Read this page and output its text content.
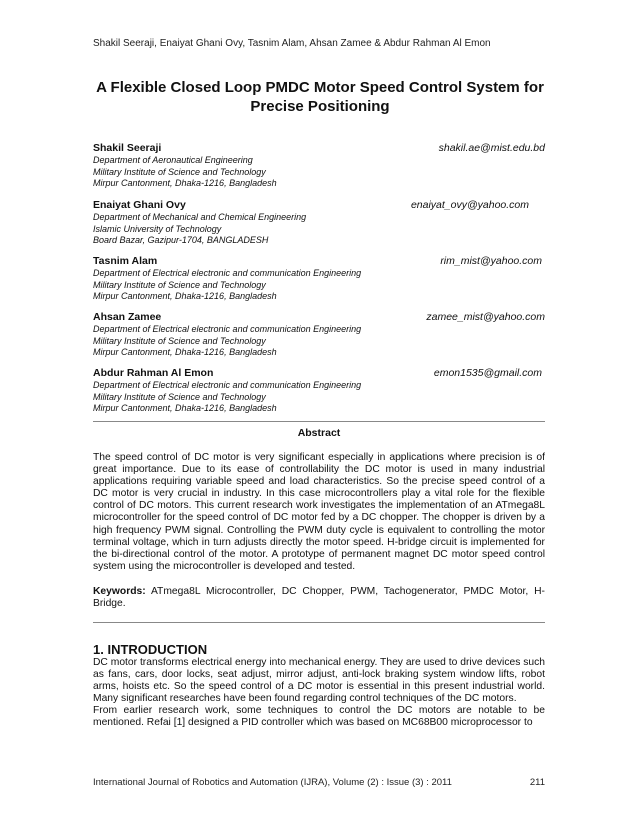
Shakil Seeraji, Enaiyat Ghani Ovy, Tasnim Alam, Ahsan Zamee & Abdur Rahman Al Emon
A Flexible Closed Loop PMDC Motor Speed Control System for
Precise Positioning
Shakil Seeraji	shakil.ae@mist.edu.bd
Department of Aeronautical Engineering
Military Institute of Science and Technology
Mirpur Cantonment, Dhaka-1216, Bangladesh
Enaiyat Ghani Ovy	enaiyat_ovy@yahoo.com
Department of Mechanical and Chemical Engineering
Islamic University of Technology
Board Bazar, Gazipur-1704, BANGLADESH
Tasnim Alam	rim_mist@yahoo.com
Department of Electrical electronic and communication Engineering
Military Institute of Science and Technology
Mirpur Cantonment, Dhaka-1216, Bangladesh
Ahsan Zamee	zamee_mist@yahoo.com
Department of Electrical electronic and communication Engineering
Military Institute of Science and Technology
Mirpur Cantonment, Dhaka-1216, Bangladesh
Abdur Rahman Al Emon	emon1535@gmail.com
Department of Electrical electronic and communication Engineering
Military Institute of Science and Technology
Mirpur Cantonment, Dhaka-1216, Bangladesh
Abstract
The speed control of DC motor is very significant especially in applications where precision is of great importance. Due to its ease of controllability the DC motor is used in many industrial applications requiring variable speed and load characteristics. So the precise speed control of a DC motor is very crucial in industry. In this case microcontrollers play a vital role for the flexible control of DC motors. This current research work investigates the implementation of an ATmega8L microcontroller for the speed control of DC motor fed by a DC chopper. The chopper is driven by a high frequency PWM signal. Controlling the PWM duty cycle is equivalent to controlling the motor terminal voltage, which in turn adjusts directly the motor speed. H-bridge circuit is implemented for the bi-directional control of the motor. A prototype of permanent magnet DC motor speed control system using the microcontroller is developed and tested.
Keywords: ATmega8L Microcontroller, DC Chopper, PWM, Tachogenerator, PMDC Motor, H-Bridge.
1. INTRODUCTION
DC motor transforms electrical energy into mechanical energy. They are used to drive devices such as fans, cars, door locks, seat adjust, mirror adjust, anti-lock braking system window lifts, robot arms, hoists etc. So the speed control of a DC motor is essential in this present industrial world. Many significant researches have been found regarding control techniques of the DC motors.
From earlier research work, some techniques to control the DC motors are notable to be mentioned. Refai [1] designed a PID controller which was based on MC68B00 microprocessor to
International Journal of Robotics and Automation (IJRA), Volume (2) : Issue (3) : 2011	211
